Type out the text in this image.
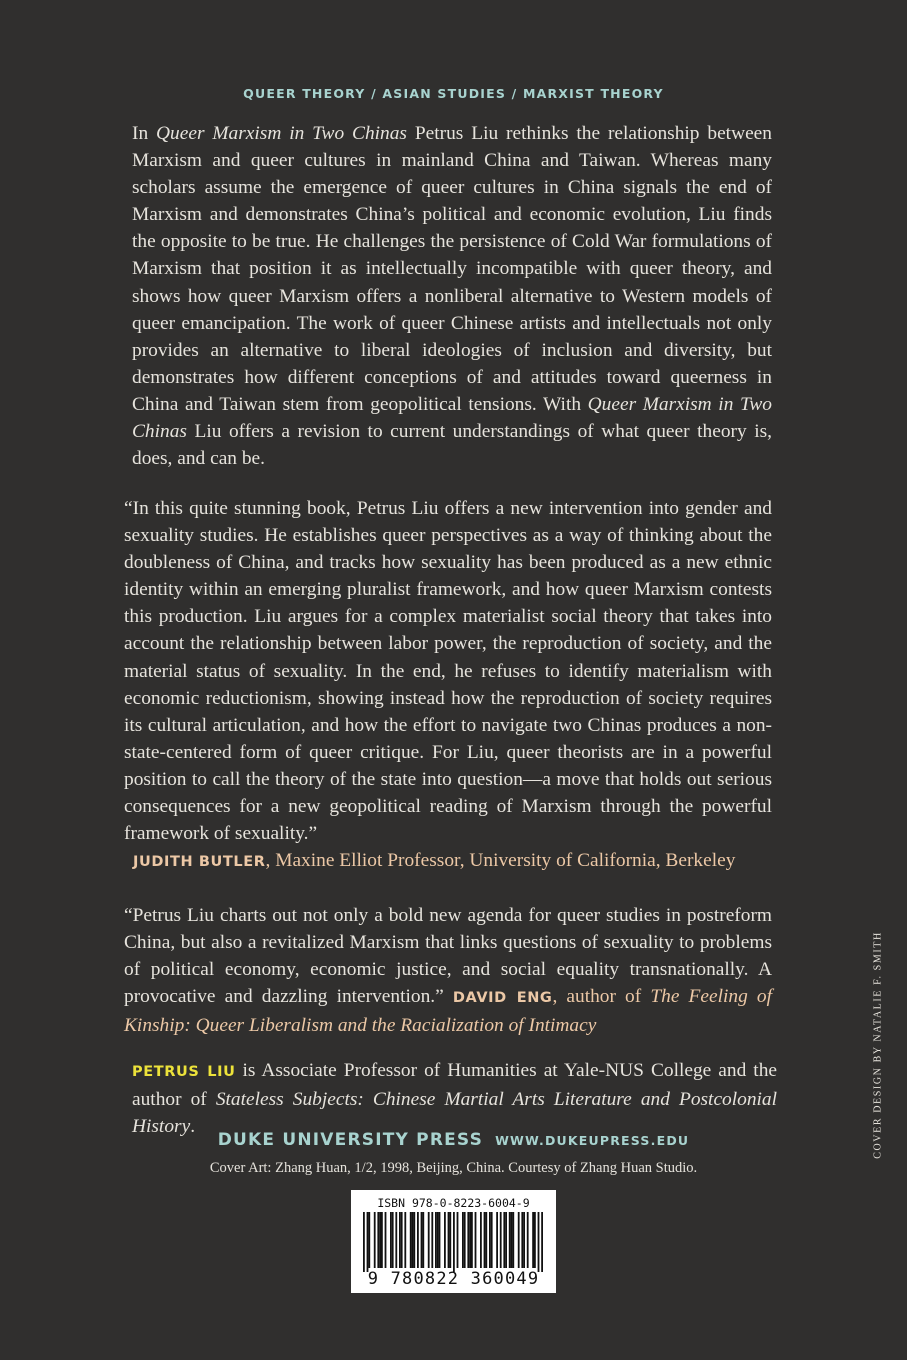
QUEER THEORY / ASIAN STUDIES / MARXIST THEORY

In Queer Marxism in Two Chinas Petrus Liu rethinks the relationship between Marxism and queer cultures in mainland China and Taiwan. Whereas many scholars assume the emergence of queer cultures in China signals the end of Marxism and demonstrates China’s political and economic evolution, Liu finds the opposite to be true. He challenges the persistence of Cold War formulations of Marxism that position it as intellectually incompatible with queer theory, and shows how queer Marxism offers a nonliberal alternative to Western models of queer emancipation. The work of queer Chinese artists and intellectuals not only provides an alternative to liberal ideologies of inclusion and diversity, but demonstrates how different conceptions of and attitudes toward queerness in China and Taiwan stem from geopolitical tensions. With Queer Marxism in Two Chinas Liu offers a revision to current understandings of what queer theory is, does, and can be.

“In this quite stunning book, Petrus Liu offers a new intervention into gender and sexuality studies. He establishes queer perspectives as a way of thinking about the doubleness of China, and tracks how sexuality has been produced as a new ethnic identity within an emerging pluralist framework, and how queer Marxism contests this production. Liu argues for a complex materialist social theory that takes into account the relationship between labor power, the reproduction of society, and the material status of sexuality. In the end, he refuses to identify materialism with economic reductionism, showing instead how the reproduction of society requires its cultural articulation, and how the effort to navigate two Chinas produces a non-state-centered form of queer critique. For Liu, queer theorists are in a powerful position to call the theory of the state into question—a move that holds out serious consequences for a new geopolitical reading of Marxism through the powerful framework of sexuality.”
JUDITH BUTLER, Maxine Elliot Professor, University of California, Berkeley

“Petrus Liu charts out not only a bold new agenda for queer studies in postreform China, but also a revitalized Marxism that links questions of sexuality to problems of political economy, economic justice, and social equality transnationally. A provocative and dazzling intervention.” DAVID ENG, author of The Feeling of Kinship: Queer Liberalism and the Racialization of Intimacy

PETRUS LIU is Associate Professor of Humanities at Yale-NUS College and the author of Stateless Subjects: Chinese Martial Arts Literature and Postcolonial History.

DUKE UNIVERSITY PRESS WWW.DUKEUPRESS.EDU
Cover Art: Zhang Huan, 1/2, 1998, Beijing, China. Courtesy of Zhang Huan Studio.
COVER DESIGN BY NATALIE F. SMITH
ISBN 978-0-8223-6004-9
9 780822 360049
